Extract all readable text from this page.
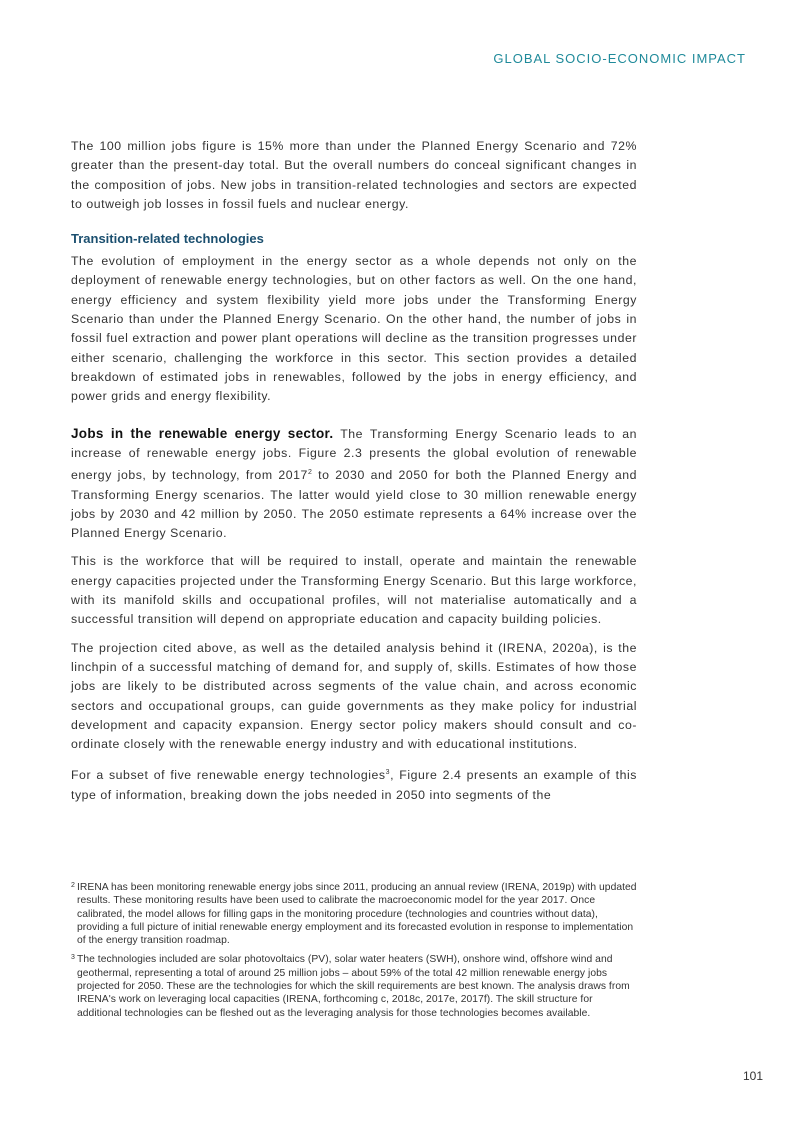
GLOBAL SOCIO-ECONOMIC IMPACT

The 100 million jobs figure is 15% more than under the Planned Energy Scenario and 72% greater than the present-day total. But the overall numbers do conceal significant changes in the composition of jobs. New jobs in transition-related technologies and sectors are expected to outweigh job losses in fossil fuels and nuclear energy.

Transition-related technologies

The evolution of employment in the energy sector as a whole depends not only on the deployment of renewable energy technologies, but on other factors as well. On the one hand, energy efficiency and system flexibility yield more jobs under the Transforming Energy Scenario than under the Planned Energy Scenario. On the other hand, the number of jobs in fossil fuel extraction and power plant operations will decline as the transition progresses under either scenario, challenging the workforce in this sector. This section provides a detailed breakdown of estimated jobs in renewables, followed by the jobs in energy efficiency, and power grids and energy flexibility.

Jobs in the renewable energy sector. The Transforming Energy Scenario leads to an increase of renewable energy jobs. Figure 2.3 presents the global evolution of renewable energy jobs, by technology, from 2017$^2$ to 2030 and 2050 for both the Planned Energy and Transforming Energy scenarios. The latter would yield close to 30 million renewable energy jobs by 2030 and 42 million by 2050. The 2050 estimate represents a 64% increase over the Planned Energy Scenario.

This is the workforce that will be required to install, operate and maintain the renewable energy capacities projected under the Transforming Energy Scenario. But this large workforce, with its manifold skills and occupational profiles, will not materialise automatically and a successful transition will depend on appropriate education and capacity building policies.

The projection cited above, as well as the detailed analysis behind it (IRENA, 2020a), is the linchpin of a successful matching of demand for, and supply of, skills. Estimates of how those jobs are likely to be distributed across segments of the value chain, and across economic sectors and occupational groups, can guide governments as they make policy for industrial development and capacity expansion. Energy sector policy makers should consult and co-ordinate closely with the renewable energy industry and with educational institutions.

For a subset of five renewable energy technologies$^3$, Figure 2.4 presents an example of this type of information, breaking down the jobs needed in 2050 into segments of the

2 IRENA has been monitoring renewable energy jobs since 2011, producing an annual review (IRENA, 2019p) with updated results. These monitoring results have been used to calibrate the macroeconomic model for the year 2017. Once calibrated, the model allows for filling gaps in the monitoring procedure (technologies and countries without data), providing a full picture of initial renewable energy employment and its forecasted evolution in response to implementation of the energy transition roadmap.

3 The technologies included are solar photovoltaics (PV), solar water heaters (SWH), onshore wind, offshore wind and geothermal, representing a total of around 25 million jobs – about 59% of the total 42 million renewable energy jobs projected for 2050. These are the technologies for which the skill requirements are best known. The analysis draws from IRENA's work on leveraging local capacities (IRENA, forthcoming c, 2018c, 2017e, 2017f). The skill structure for additional technologies can be fleshed out as the leveraging analysis for those technologies becomes available.

101
